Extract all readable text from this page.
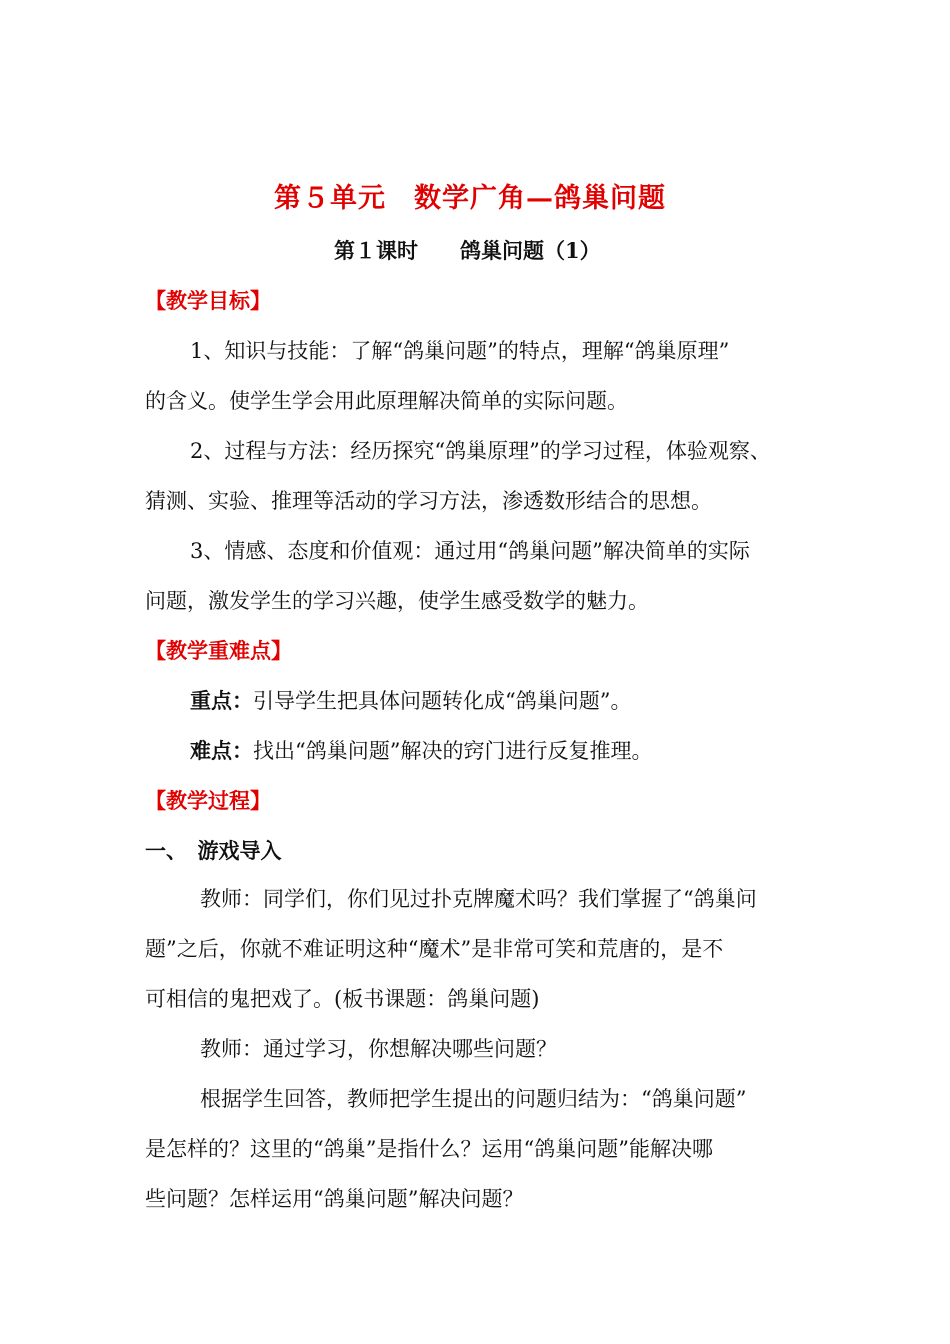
第５单元　数学广角—鸽巢问题
第１课时　　鸽巢问题（1）
【教学目标】
1、知识与技能：了解“鸽巢问题”的特点，理解“鸽巢原理”
的含义。使学生学会用此原理解决简单的实际问题。
2、过程与方法：经历探究“鸽巢原理”的学习过程，体验观察、
猜测、实验、推理等活动的学习方法，渗透数形结合的思想。
3、情感、态度和价值观：通过用“鸽巢问题”解决简单的实际
问题，激发学生的学习兴趣，使学生感受数学的魅力。
【教学重难点】
重点：引导学生把具体问题转化成“鸽巢问题”。
难点：找出“鸽巢问题”解决的窍门进行反复推理。
【教学过程】
一、　游戏导入
教师：同学们，你们见过扑克牌魔术吗？我们掌握了“鸽巢问
题”之后，你就不难证明这种“魔术”是非常可笑和荒唐的，是不
可相信的鬼把戏了。(板书课题：鸽巢问题)
教师：通过学习，你想解决哪些问题？
根据学生回答，教师把学生提出的问题归结为：“鸽巢问题”
是怎样的？这里的“鸽巢”是指什么？运用“鸽巢问题”能解决哪
些问题？怎样运用“鸽巢问题”解决问题？
